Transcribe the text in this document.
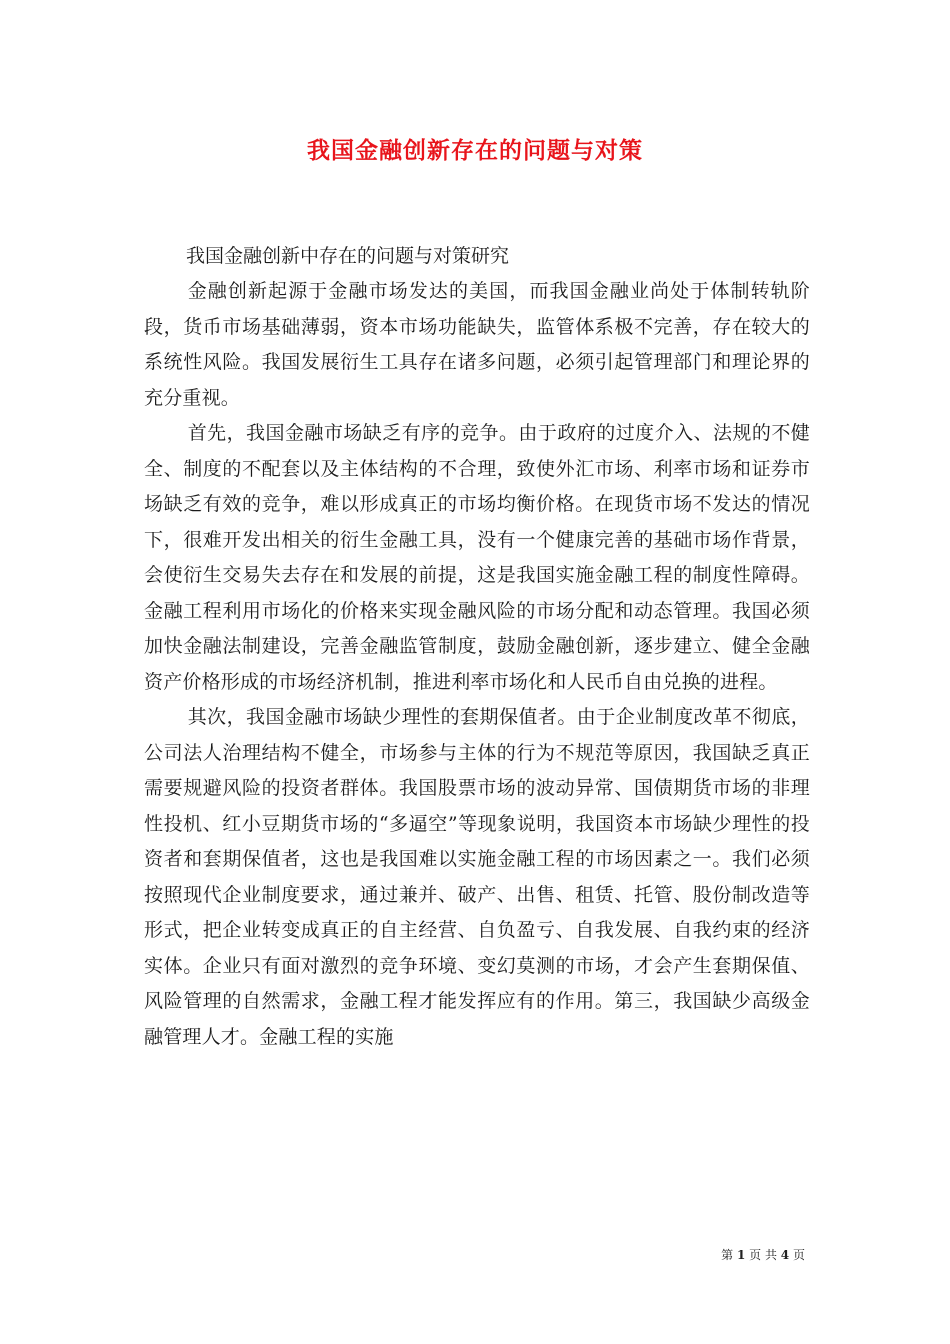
我国金融创新存在的问题与对策

我国金融创新中存在的问题与对策研究

金融创新起源于金融市场发达的美国，而我国金融业尚处于体制转轨阶段，货币市场基础薄弱，资本市场功能缺失，监管体系极不完善，存在较大的系统性风险。我国发展衍生工具存在诸多问题，必须引起管理部门和理论界的充分重视。

首先，我国金融市场缺乏有序的竞争。由于政府的过度介入、法规的不健全、制度的不配套以及主体结构的不合理，致使外汇市场、利率市场和证券市场缺乏有效的竞争，难以形成真正的市场均衡价格。在现货市场不发达的情况下，很难开发出相关的衍生金融工具，没有一个健康完善的基础市场作背景，会使衍生交易失去存在和发展的前提，这是我国实施金融工程的制度性障碍。金融工程利用市场化的价格来实现金融风险的市场分配和动态管理。我国必须加快金融法制建设，完善金融监管制度，鼓励金融创新，逐步建立、健全金融资产价格形成的市场经济机制，推进利率市场化和人民币自由兑换的进程。

其次，我国金融市场缺少理性的套期保值者。由于企业制度改革不彻底，公司法人治理结构不健全，市场参与主体的行为不规范等原因，我国缺乏真正需要规避风险的投资者群体。我国股票市场的波动异常、国债期货市场的非理性投机、红小豆期货市场的“多逼空”等现象说明，我国资本市场缺少理性的投资者和套期保值者，这也是我国难以实施金融工程的市场因素之一。我们必须按照现代企业制度要求，通过兼并、破产、出售、租赁、托管、股份制改造等形式，把企业转变成真正的自主经营、自负盈亏、自我发展、自我约束的经济实体。企业只有面对激烈的竞争环境、变幻莫测的市场，才会产生套期保值、风险管理的自然需求，金融工程才能发挥应有的作用。第三，我国缺少高级金融管理人才。金融工程的实施

第 1 页 共 4 页
